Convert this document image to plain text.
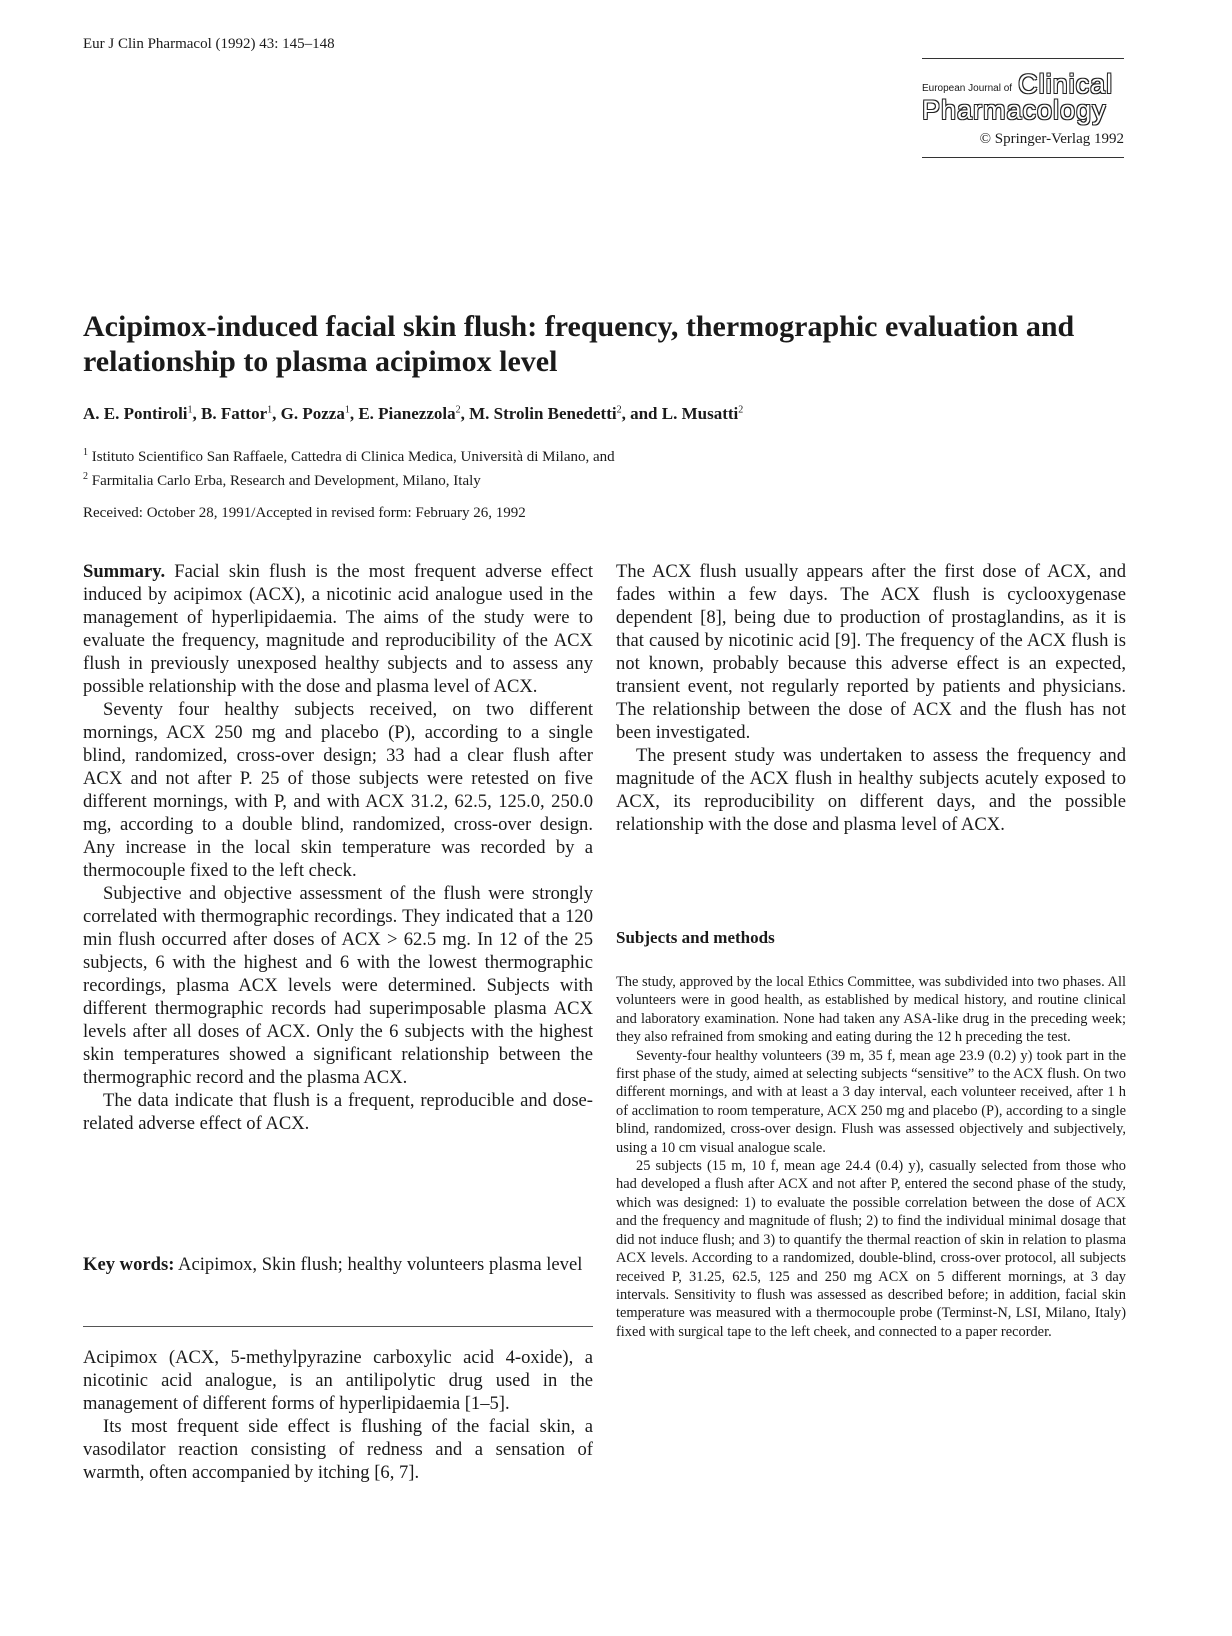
Eur J Clin Pharmacol (1992) 43: 145–148
European Journal of Clinical
Pharmacology
© Springer-Verlag 1992
Acipimox-induced facial skin flush: frequency, thermographic evaluation and relationship to plasma acipimox level
A. E. Pontiroli$^1$, B. Fattor$^1$, G. Pozza$^1$, E. Pianezzola$^2$, M. Strolin Benedetti$^2$, and L. Musatti$^2$
$^1$ Istituto Scientifico San Raffaele, Cattedra di Clinica Medica, Università di Milano, and
$^2$ Farmitalia Carlo Erba, Research and Development, Milano, Italy
Received: October 28, 1991/Accepted in revised form: February 26, 1992

Summary. Facial skin flush is the most frequent adverse effect induced by acipimox (ACX), a nicotinic acid analogue used in the management of hyperlipidaemia. The aims of the study were to evaluate the frequency, magnitude and reproducibility of the ACX flush in previously unexposed healthy subjects and to assess any possible relationship with the dose and plasma level of ACX.

Seventy four healthy subjects received, on two different mornings, ACX 250 mg and placebo (P), according to a single blind, randomized, cross-over design; 33 had a clear flush after ACX and not after P. 25 of those subjects were retested on five different mornings, with P, and with ACX 31.2, 62.5, 125.0, 250.0 mg, according to a double blind, randomized, cross-over design. Any increase in the local skin temperature was recorded by a thermocouple fixed to the left check.

Subjective and objective assessment of the flush were strongly correlated with thermographic recordings. They indicated that a 120 min flush occurred after doses of ACX > 62.5 mg. In 12 of the 25 subjects, 6 with the highest and 6 with the lowest thermographic recordings, plasma ACX levels were determined. Subjects with different thermographic records had superimposable plasma ACX levels after all doses of ACX. Only the 6 subjects with the highest skin temperatures showed a significant relationship between the thermographic record and the plasma ACX.

The data indicate that flush is a frequent, reproducible and dose-related adverse effect of ACX.

Key words: Acipimox, Skin flush; healthy volunteers plasma level

Acipimox (ACX, 5-methylpyrazine carboxylic acid 4-oxide), a nicotinic acid analogue, is an antilipolytic drug used in the management of different forms of hyperlipidaemia [1–5].

Its most frequent side effect is flushing of the facial skin, a vasodilator reaction consisting of redness and a sensation of warmth, often accompanied by itching [6, 7].

The ACX flush usually appears after the first dose of ACX, and fades within a few days. The ACX flush is cyclooxygenase dependent [8], being due to production of prostaglandins, as it is that caused by nicotinic acid [9]. The frequency of the ACX flush is not known, probably because this adverse effect is an expected, transient event, not regularly reported by patients and physicians. The relationship between the dose of ACX and the flush has not been investigated.

The present study was undertaken to assess the frequency and magnitude of the ACX flush in healthy subjects acutely exposed to ACX, its reproducibility on different days, and the possible relationship with the dose and plasma level of ACX.

Subjects and methods

The study, approved by the local Ethics Committee, was subdivided into two phases. All volunteers were in good health, as established by medical history, and routine clinical and laboratory examination. None had taken any ASA-like drug in the preceding week; they also refrained from smoking and eating during the 12 h preceding the test.

Seventy-four healthy volunteers (39 m, 35 f, mean age 23.9 (0.2) y) took part in the first phase of the study, aimed at selecting subjects “sensitive” to the ACX flush. On two different mornings, and with at least a 3 day interval, each volunteer received, after 1 h of acclimation to room temperature, ACX 250 mg and placebo (P), according to a single blind, randomized, cross-over design. Flush was assessed objectively and subjectively, using a 10 cm visual analogue scale.

25 subjects (15 m, 10 f, mean age 24.4 (0.4) y), casually selected from those who had developed a flush after ACX and not after P, entered the second phase of the study, which was designed: 1) to evaluate the possible correlation between the dose of ACX and the frequency and magnitude of flush; 2) to find the individual minimal dosage that did not induce flush; and 3) to quantify the thermal reaction of skin in relation to plasma ACX levels. According to a randomized, double-blind, cross-over protocol, all subjects received P, 31.25, 62.5, 125 and 250 mg ACX on 5 different mornings, at 3 day intervals. Sensitivity to flush was assessed as described before; in addition, facial skin temperature was measured with a thermocouple probe (Terminst-N, LSI, Milano, Italy) fixed with surgical tape to the left cheek, and connected to a paper recorder.
